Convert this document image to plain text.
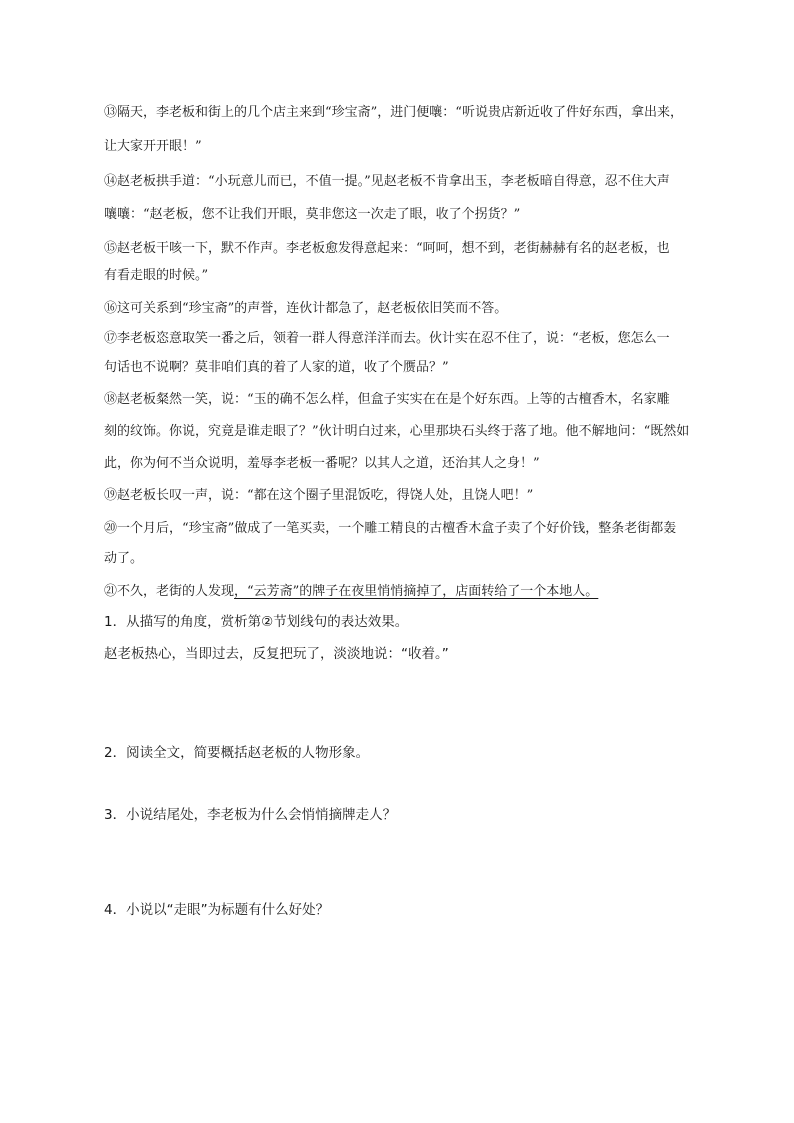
⑬隔天，李老板和街上的几个店主来到“珍宝斋”，进门便嚷：“听说贵店新近收了件好东西，拿出来，

让大家开开眼！”

⑭赵老板拱手道：“小玩意儿而已，不值一提。”见赵老板不肯拿出玉，李老板暗自得意，忍不住大声

嚷嚷：“赵老板，您不让我们开眼，莫非您这一次走了眼，收了个拐货？”

⑮赵老板干咳一下，默不作声。李老板愈发得意起来：“呵呵，想不到，老街赫赫有名的赵老板，也

有看走眼的时候。”

⑯这可关系到“珍宝斋”的声誉，连伙计都急了，赵老板依旧笑而不答。

⑰李老板恣意取笑一番之后，领着一群人得意洋洋而去。伙计实在忍不住了，说：“老板，您怎么一

句话也不说啊？莫非咱们真的着了人家的道，收了个赝品？”

⑱赵老板粲然一笑，说：“玉的确不怎么样，但盒子实实在在是个好东西。上等的古檀香木，名家雕

刻的纹饰。你说，究竟是谁走眼了？”伙计明白过来，心里那块石头终于落了地。他不解地问：“既然如

此，你为何不当众说明，羞辱李老板一番呢？以其人之道，还治其人之身！”

⑲赵老板长叹一声，说：“都在这个圈子里混饭吃，得饶人处，且饶人吧！”

⑳一个月后，“珍宝斋”做成了一笔买卖，一个雕工精良的古檀香木盒子卖了个好价钱，整条老街都轰

动了。

㉑不久，老街的人发现，“云芳斋”的牌子在夜里悄悄摘掉了，店面转给了一个本地人。

1．从描写的角度，赏析第②节划线句的表达效果。

赵老板热心，当即过去，反复把玩了，淡淡地说：“收着。”

2．阅读全文，简要概括赵老板的人物形象。

3．小说结尾处，李老板为什么会悄悄摘牌走人？

4．小说以“走眼”为标题有什么好处？
